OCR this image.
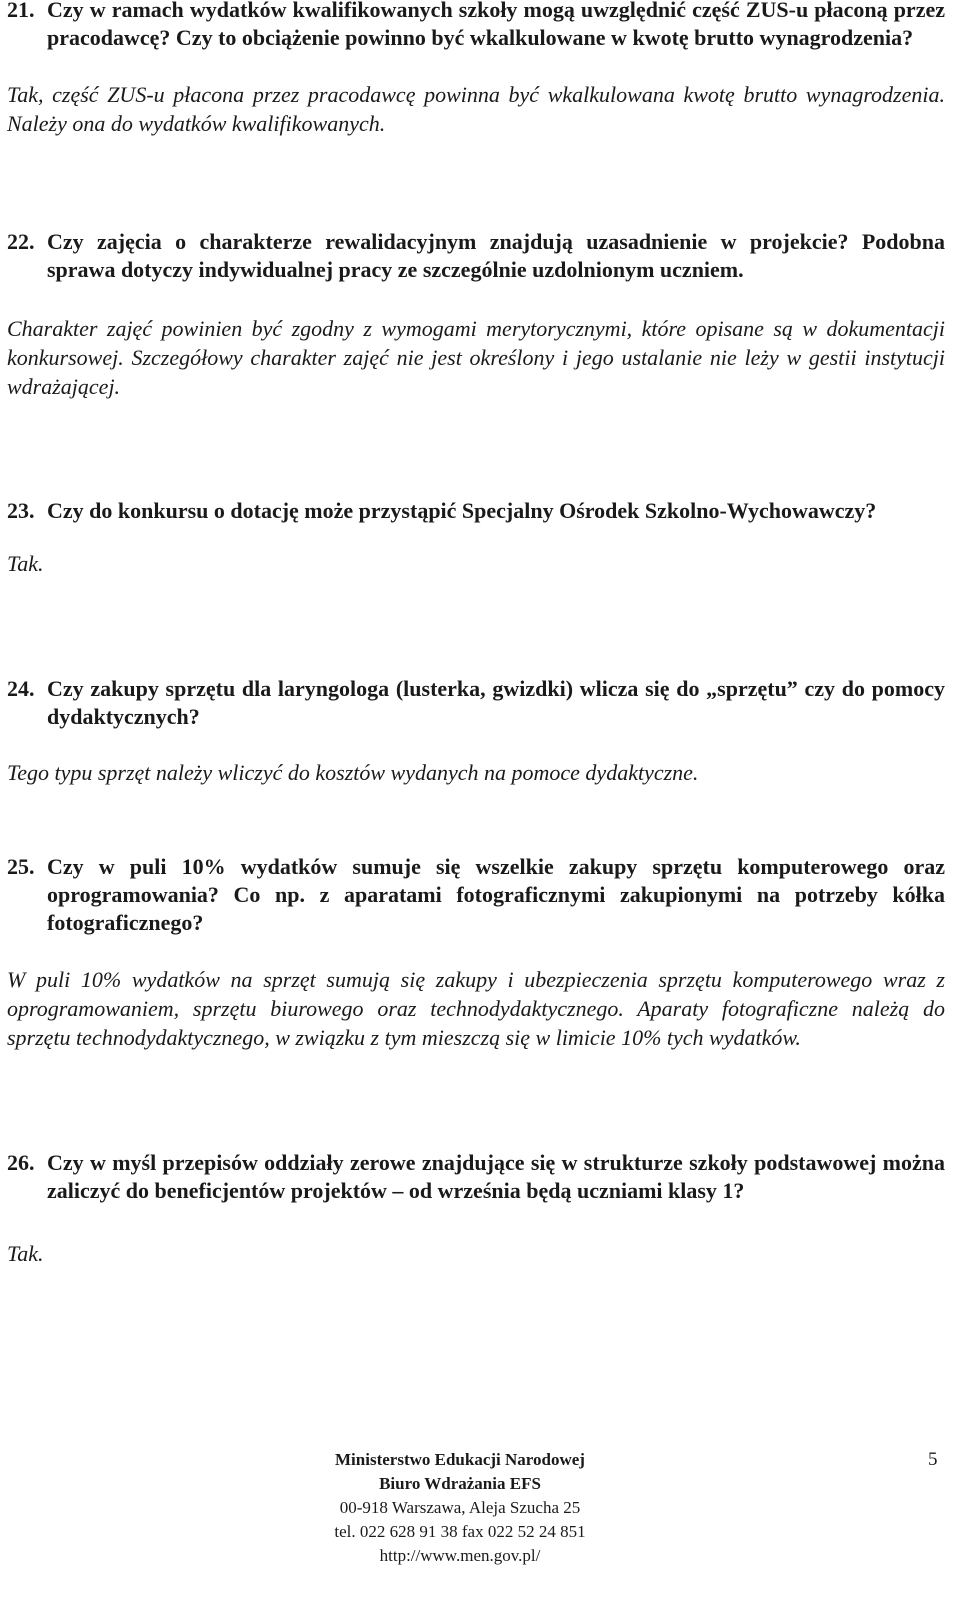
21. Czy w ramach wydatków kwalifikowanych szkoły mogą uwzględnić część ZUS-u płaconą przez pracodawcę? Czy to obciążenie powinno być wkalkulowane w kwotę brutto wynagrodzenia?

Tak, część ZUS-u płacona przez pracodawcę powinna być wkalkulowana kwotę brutto wynagrodzenia. Należy ona do wydatków kwalifikowanych.

22. Czy zajęcia o charakterze rewalidacyjnym znajdują uzasadnienie w projekcie? Podobna sprawa dotyczy indywidualnej pracy ze szczególnie uzdolnionym uczniem.

Charakter zajęć powinien być zgodny z wymogami merytorycznymi, które opisane są w dokumentacji konkursowej. Szczegółowy charakter zajęć nie jest określony i jego ustalanie nie leży w gestii instytucji wdrażającej.

23. Czy do konkursu o dotację może przystąpić Specjalny Ośrodek Szkolno-Wychowawczy?

Tak.

24. Czy zakupy sprzętu dla laryngologa (lusterka, gwizdki) wlicza się do „sprzętu” czy do pomocy dydaktycznych?

Tego typu sprzęt należy wliczyć do kosztów wydanych na pomoce dydaktyczne.

25. Czy w puli 10% wydatków sumuje się wszelkie zakupy sprzętu komputerowego oraz oprogramowania? Co np. z aparatami fotograficznymi zakupionymi na potrzeby kółka fotograficznego?

W puli 10% wydatków na sprzęt sumują się zakupy i ubezpieczenia sprzętu komputerowego wraz z oprogramowaniem, sprzętu biurowego oraz technodydaktycznego. Aparaty fotograficzne należą do sprzętu technodydaktycznego, w związku z tym mieszczą się w limicie 10% tych wydatków.

26. Czy w myśl przepisów oddziały zerowe znajdujące się w strukturze szkoły podstawowej można zaliczyć do beneficjentów projektów – od września będą uczniami klasy 1?

Tak.

Ministerstwo Edukacji Narodowej
Biuro Wdrażania EFS
00-918 Warszawa, Aleja Szucha 25
tel. 022 628 91 38 fax 022 52 24 851
http://www.men.gov.pl/
5
